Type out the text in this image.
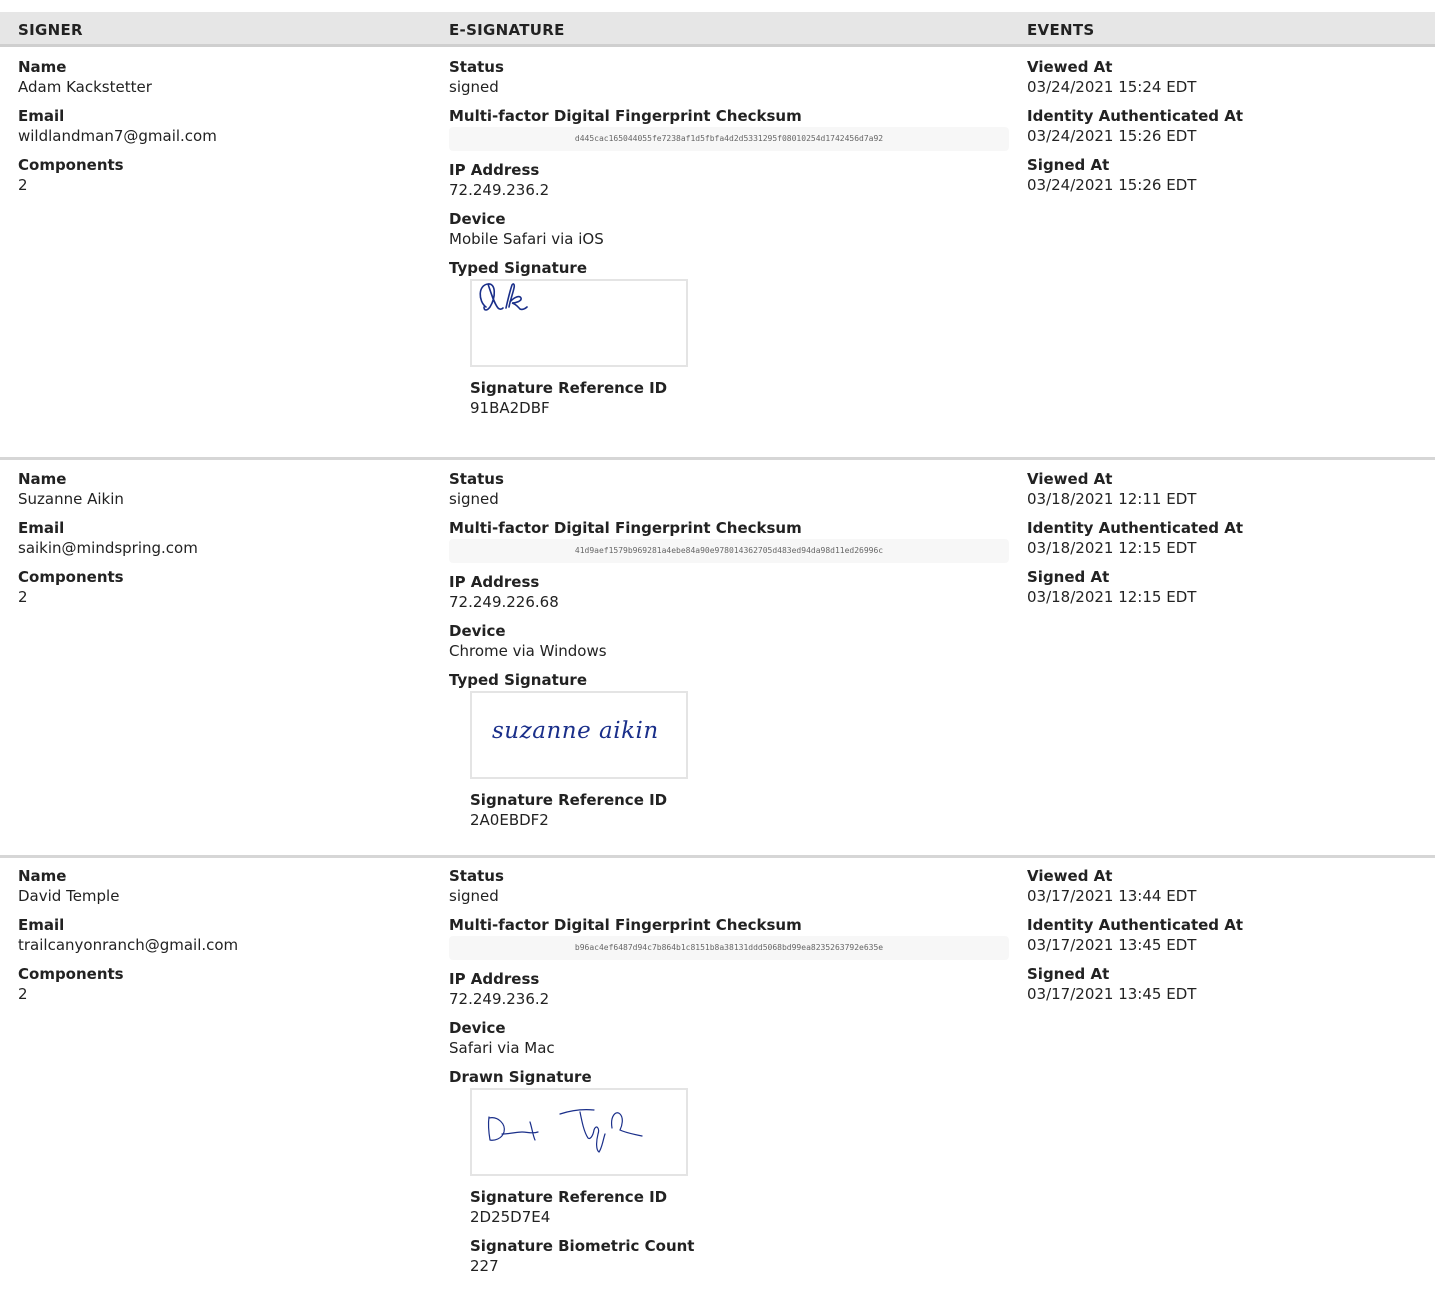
SIGNER	E-SIGNATURE	EVENTS
Name
Adam Kackstetter
Email
wildlandman7@gmail.com
Components
2
Status
signed
Multi-factor Digital Fingerprint Checksum
d445cac165044055fe7238af1d5fbfa4d2d5331295f08010254d1742456d7a92
IP Address
72.249.236.2
Device
Mobile Safari via iOS
Typed Signature
Signature Reference ID
91BA2DBF
Viewed At
03/24/2021 15:24 EDT
Identity Authenticated At
03/24/2021 15:26 EDT
Signed At
03/24/2021 15:26 EDT
Name
Suzanne Aikin
Email
saikin@mindspring.com
Components
2
Status
signed
Multi-factor Digital Fingerprint Checksum
41d9aef1579b969281a4ebe84a90e978014362705d483ed94da98d11ed26996c
IP Address
72.249.226.68
Device
Chrome via Windows
Typed Signature
suzanne aikin
Signature Reference ID
2A0EBDF2
Viewed At
03/18/2021 12:11 EDT
Identity Authenticated At
03/18/2021 12:15 EDT
Signed At
03/18/2021 12:15 EDT
Name
David Temple
Email
trailcanyonranch@gmail.com
Components
2
Status
signed
Multi-factor Digital Fingerprint Checksum
b96ac4ef6487d94c7b864b1c8151b8a38131ddd5068bd99ea8235263792e635e
IP Address
72.249.236.2
Device
Safari via Mac
Drawn Signature
Signature Reference ID
2D25D7E4
Signature Biometric Count
227
Viewed At
03/17/2021 13:44 EDT
Identity Authenticated At
03/17/2021 13:45 EDT
Signed At
03/17/2021 13:45 EDT
